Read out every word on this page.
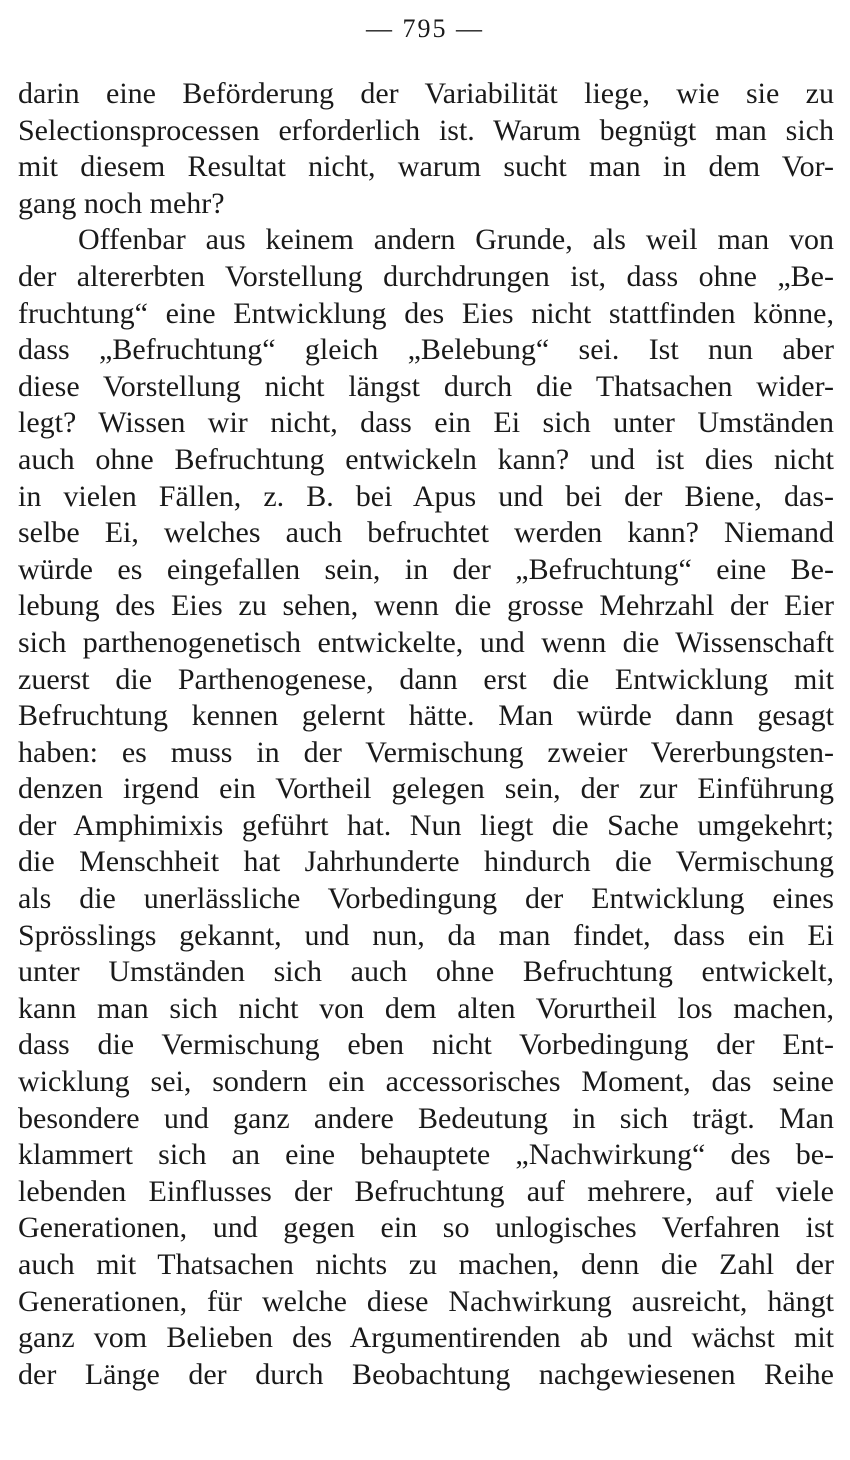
— 795 —
darin eine Beförderung der Variabilität liege, wie sie zu
Selectionsprocessen erforderlich ist. Warum begnügt man sich
mit diesem Resultat nicht, warum sucht man in dem Vor-
gang noch mehr?
Offenbar aus keinem andern Grunde, als weil man von
der altererbten Vorstellung durchdrungen ist, dass ohne „Be-
fruchtung“ eine Entwicklung des Eies nicht stattfinden könne,
dass „Befruchtung“ gleich „Belebung“ sei. Ist nun aber
diese Vorstellung nicht längst durch die Thatsachen wider-
legt? Wissen wir nicht, dass ein Ei sich unter Umständen
auch ohne Befruchtung entwickeln kann? und ist dies nicht
in vielen Fällen, z. B. bei Apus und bei der Biene, das-
selbe Ei, welches auch befruchtet werden kann? Niemand
würde es eingefallen sein, in der „Befruchtung“ eine Be-
lebung des Eies zu sehen, wenn die grosse Mehrzahl der Eier
sich parthenogenetisch entwickelte, und wenn die Wissenschaft
zuerst die Parthenogenese, dann erst die Entwicklung mit
Befruchtung kennen gelernt hätte. Man würde dann gesagt
haben: es muss in der Vermischung zweier Vererbungsten-
denzen irgend ein Vortheil gelegen sein, der zur Einführung
der Amphimixis geführt hat. Nun liegt die Sache umgekehrt;
die Menschheit hat Jahrhunderte hindurch die Vermischung
als die unerlässliche Vorbedingung der Entwicklung eines
Sprösslings gekannt, und nun, da man findet, dass ein Ei
unter Umständen sich auch ohne Befruchtung entwickelt,
kann man sich nicht von dem alten Vorurtheil los machen,
dass die Vermischung eben nicht Vorbedingung der Ent-
wicklung sei, sondern ein accessorisches Moment, das seine
besondere und ganz andere Bedeutung in sich trägt. Man
klammert sich an eine behauptete „Nachwirkung“ des be-
lebenden Einflusses der Befruchtung auf mehrere, auf viele
Generationen, und gegen ein so unlogisches Verfahren ist
auch mit Thatsachen nichts zu machen, denn die Zahl der
Generationen, für welche diese Nachwirkung ausreicht, hängt
ganz vom Belieben des Argumentirenden ab und wächst mit
der Länge der durch Beobachtung nachgewiesenen Reihe
